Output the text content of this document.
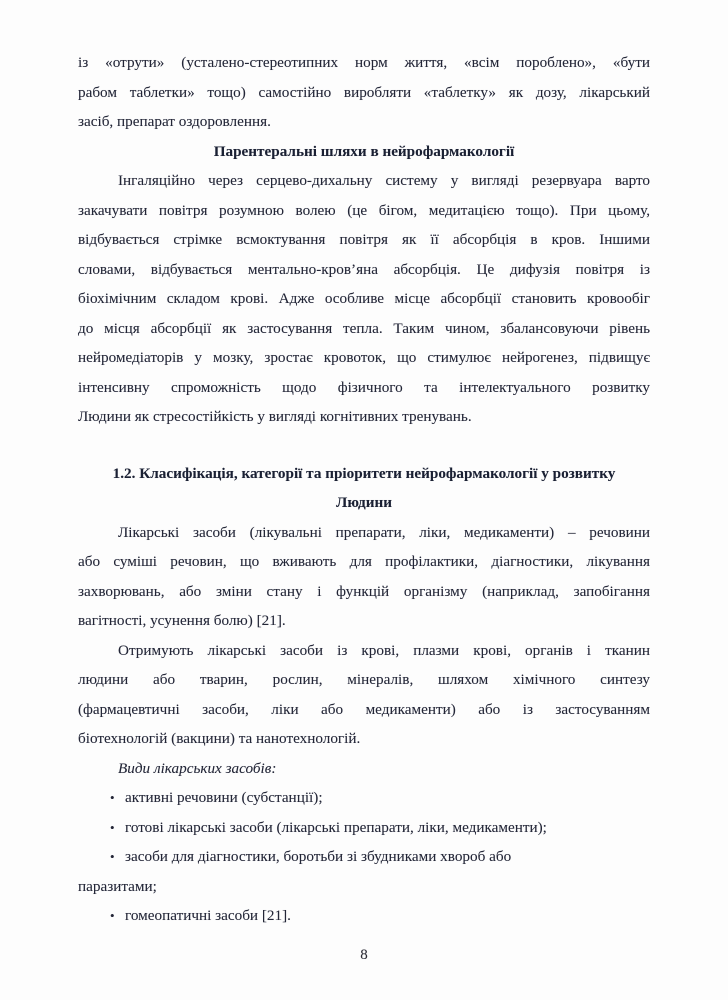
із «отрути» (усталено-стереотипних норм життя, «всім пороблено», «бути
рабом таблетки» тощо) самостійно виробляти «таблетку» як дозу, лікарський
засіб, препарат оздоровлення.
Парентеральні шляхи в нейрофармакології
Інгаляційно через серцево-дихальну систему у вигляді резервуара варто
закачувати повітря розумною волею (це бігом, медитацією тощо). При цьому,
відбувається стрімке всмоктування повітря як її абсорбція в кров. Іншими
словами, відбувається ментально-кров’яна абсорбція. Це дифузія повітря із
біохімічним складом крові. Адже особливе місце абсорбції становить кровообіг
до місця абсорбції як застосування тепла. Таким чином, збалансовуючи рівень
нейромедіаторів у мозку, зростає кровоток, що стимулює нейрогенез, підвищує
інтенсивну спроможність щодо фізичного та інтелектуального розвитку
Людини як стресостійкість у вигляді когнітивних тренувань.
1.2. Класифікація, категорії та пріоритети нейрофармакології у розвитку
Людини
Лікарські засоби (лікувальні препарати, ліки, медикаменти) – речовини
або суміші речовин, що вживають для профілактики, діагностики, лікування
захворювань, або зміни стану і функцій організму (наприклад, запобігання
вагітності, усунення болю) [21].
Отримують лікарські засоби із крові, плазми крові, органів і тканин
людини або тварин, рослин, мінералів, шляхом хімічного синтезу
(фармацевтичні засоби, ліки або медикаменти) або із застосуванням
біотехнологій (вакцини) та нанотехнологій.
Види лікарських засобів:
• активні речовини (субстанції);
• готові лікарські засоби (лікарські препарати, ліки, медикаменти);
• засоби для діагностики, боротьби зі збудниками хвороб або
паразитами;
• гомеопатичні засоби [21].
8
